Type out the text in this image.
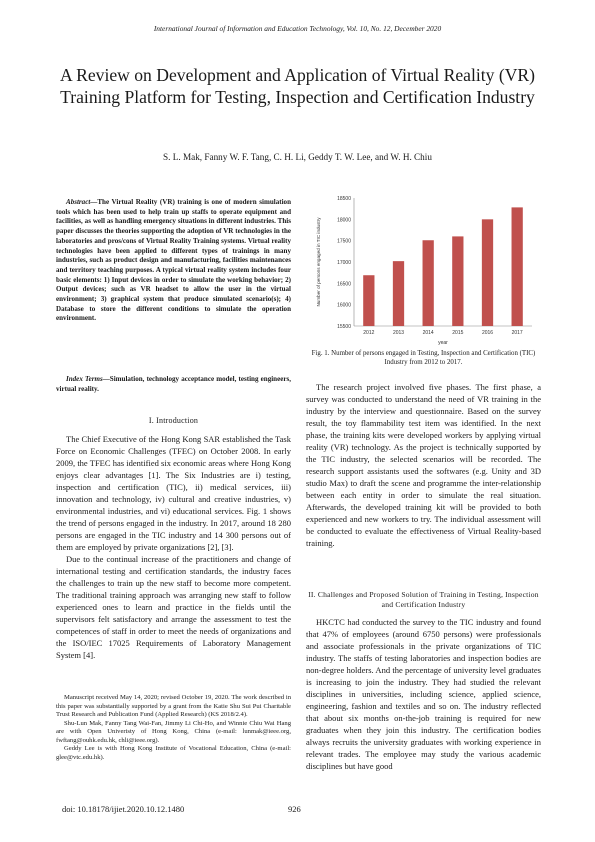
International Journal of Information and Education Technology, Vol. 10, No. 12, December 2020
A Review on Development and Application of Virtual Reality (VR) Training Platform for Testing, Inspection and Certification Industry
S. L. Mak, Fanny W. F. Tang, C. H. Li, Geddy T. W. Lee, and W. H. Chiu
Abstract—The Virtual Reality (VR) training is one of modern simulation tools which has been used to help train up staffs to operate equipment and facilities, as well as handling emergency situations in different industries. This paper discusses the theories supporting the adoption of VR technologies in the laboratories and pros/cons of Virtual Reality Training systems. Virtual reality technologies have been applied to different types of trainings in many industries, such as product design and manufacturing, facilities maintenances and territory teaching purposes. A typical virtual reality system includes four basic elements: 1) Input devices in order to simulate the working behavior; 2) Output devices; such as VR headset to allow the user in the virtual environment; 3) graphical system that produce simulated scenario(s); 4) Database to store the different conditions to simulate the operation environment.
Index Terms—Simulation, technology acceptance model, testing engineers, virtual reality.
I. Introduction

The Chief Executive of the Hong Kong SAR established the Task Force on Economic Challenges (TFEC) on October 2008. In early 2009, the TFEC has identified six economic areas where Hong Kong enjoys clear advantages [1]. The Six Industries are i) testing, inspection and certification (TIC), ii) medical services, iii) innovation and technology, iv) cultural and creative industries, v) environmental industries, and vi) educational services. Fig. 1 shows the trend of persons engaged in the industry. In 2017, around 18 280 persons are engaged in the TIC industry and 14 300 persons out of them are employed by private organizations [2], [3].

Due to the continual increase of the practitioners and change of international testing and certification standards, the industry faces the challenges to train up the new staff to become more competent. The traditional training approach was arranging new staff to follow experienced ones to learn and practice in the fields until the supervisors felt satisfactory and arrange the assessment to test the competences of staff in order to meet the needs of organizations and the ISO/IEC 17025 Requirements of Laboratory Management System [4].

Manuscript received May 14, 2020; revised October 19, 2020. The work described in this paper was substantially supported by a grant from the Katie Shu Sui Pui Charitable Trust Research and Publication Fund (Applied Research) (KS 2018/2.4).

Shu-Lun Mak, Fanny Tang Wai-Fan, Jimmy Li Chi-Ho, and Winnie Chiu Wai Hang are with Open Univeristy of Hong Kong, China (e-mail: lunmak@ieee.org, fwftang@ouhk.edu.hk, chli@ieee.org).

Geddy Lee is with Hong Kong Institute of Vocational Education, China (e-mail: glee@vtc.edu.hk).

doi: 10.18178/ijiet.2020.10.12.1480	926
15500
16000
16500
17000
17500
18000
18500
2012	2013	2014	2015	2016	2017
year
Number of persons engaged in TIC industry
Fig. 1. Number of persons engaged in Testing, Inspection and Certification (TIC) Industry from 2012 to 2017.
The research project involved five phases. The first phase, a survey was conducted to understand the need of VR training in the industry by the interview and questionnaire. Based on the survey result, the toy flammability test item was identified. In the next phase, the training kits were developed workers by applying virtual reality (VR) technology. As the project is technically supported by the TIC industry, the selected scenarios will be recorded. The research support assistants used the softwares (e.g. Unity and 3D studio Max) to draft the scene and programme the inter-relationship between each entity in order to simulate the real situation. Afterwards, the developed training kit will be provided to both experienced and new workers to try. The individual assessment will be conducted to evaluate the effectiveness of Virtual Reality-based training.
II. Challenges and Proposed Solution of Training in Testing, Inspection and Certification Industry
HKCTC had conducted the survey to the TIC industry and found that 47% of employees (around 6750 persons) were professionals and associate professionals in the private organizations of TIC industry. The staffs of testing laboratories and inspection bodies are non-degree holders. And the percentage of university level graduates is increasing to join the industry. They had studied the relevant disciplines in universities, including science, applied science, engineering, fashion and textiles and so on. The industry reflected that about six months on-the-job training is required for new graduates when they join this industry. The certification bodies always recruits the university graduates with working experience in relevant trades. The employee may study the various academic disciplines but have good
